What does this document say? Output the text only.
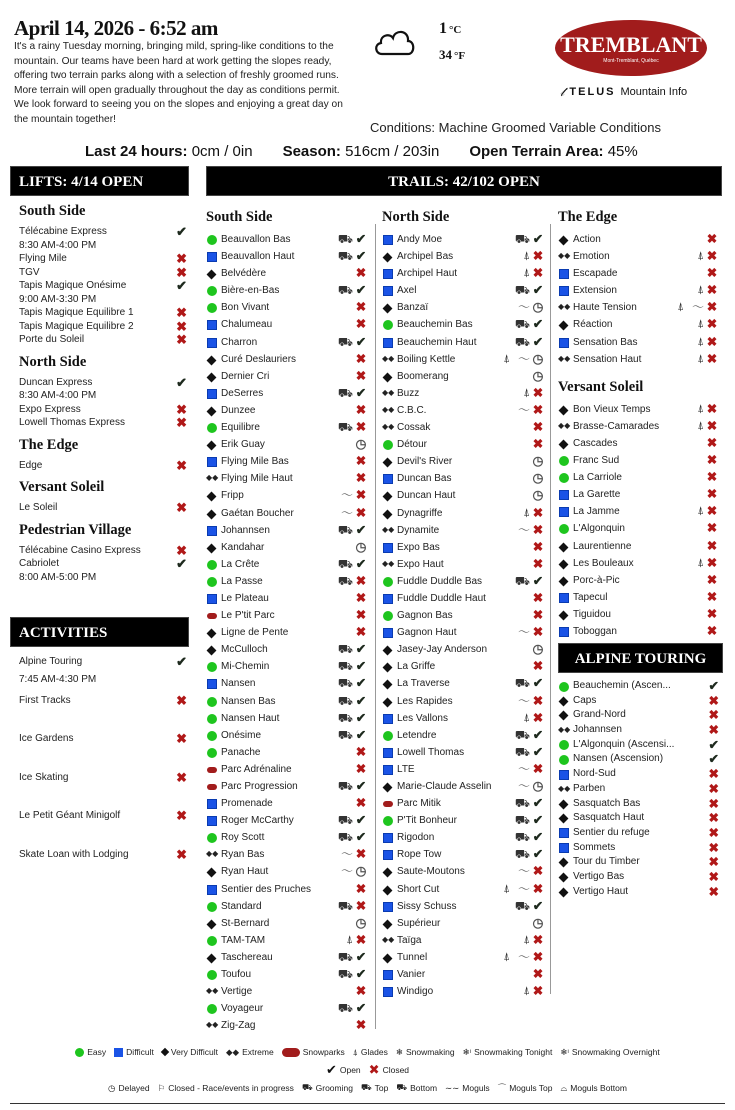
April 14, 2026 - 6:52 am
It's a rainy Tuesday morning, bringing mild, spring-like conditions to the mountain. Our teams have been hard at work getting the slopes ready, offering two terrain parks along with a selection of freshly groomed runs. More terrain will open gradually throughout the day as conditions permit. We look forward to seeing you on the slopes and enjoying a great day on the mountain together!
1 °C
34 °F	TREMBLANT
Mont-Tremblant, Québec
𝓉 TELUS Mountain Info
Conditions: Machine Groomed Variable Conditions
Last 24 hours: 0cm / 0in Season: 516cm / 203in Open Terrain Area: 45%
LIFTS: 4/14 OPEN
South Side
Télécabine Express
8:30 AM-4:00 PM
✔
Flying Mile	✖
TGV	✖
Tapis Magique Onésime
9:00 AM-3:30 PM
✔
Tapis Magique Equilibre 1	✖
Tapis Magique Equilibre 2	✖
Porte du Soleil	✖
North Side
Duncan Express
8:30 AM-4:00 PM
✔
Expo Express	✖
Lowell Thomas Express	✖
The Edge
Edge	✖
Versant Soleil
Le Soleil	✖
Pedestrian Village
Télécabine Casino Express	✖
Cabriolet
8:00 AM-5:00 PM
✔
ACTIVITIES
Alpine Touring
7:45 AM-4:30 PM
✔
First Tracks	✖
Ice Gardens	✖
Ice Skating	✖
Le Petit Géant Minigolf	✖
Skate Loan with Lodging	✖
TRAILS: 42/102 OPEN
South Side
Beauvallon Bas	⛟ ✔
Beauvallon Haut	⛟ ✔
Belvédère	✖
Bière-en-Bas	⛟ ✔
Bon Vivant	✖
Chalumeau	✖
Charron	⛟ ✔
Curé Deslauriers	✖
Dernier Cri	✖
DeSerres	⛟ ✔
Dunzee	✖
Equilibre	⛟ ✖
Erik Guay	◷
Flying Mile Bas	✖
◆◆ Flying Mile Haut	✖
Fripp	〜 ✖
Gaétan Boucher	〜 ✖
Johannsen	⛟ ✔
Kandahar	◷
La Crête	⛟ ✔
La Passe	⛟ ✖
Le Plateau	✖
Le P'tit Parc	✖
Ligne de Pente	✖
McCulloch	⛟ ✔
Mi-Chemin	⛟ ✔
Nansen	⛟ ✔
Nansen Bas	⛟ ✔
Nansen Haut	⛟ ✔
Onésime	⛟ ✔
Panache	✖
Parc Adrénaline	✖
Parc Progression	⛟ ✔
Promenade	✖
Roger McCarthy	⛟ ✔
Roy Scott	⛟ ✔
◆◆ Ryan Bas	〜 ✖
Ryan Haut	〜 ◷
Sentier des Pruches	✖
Standard	⛟ ✖
St-Bernard	◷
TAM-TAM	⍋ ✖
Taschereau	⛟ ✔
Toufou	⛟ ✔
◆◆ Vertige	✖
Voyageur	⛟ ✔
◆◆ Zig-Zag	✖
North Side
Andy Moe	⛟ ✔
Archipel Bas	⍋ ✖
Archipel Haut	⍋ ✖
Axel	⛟ ✔
Banzaï	〜 ◷
Beauchemin Bas	⛟ ✔
Beauchemin Haut	⛟ ✔
◆◆ Boiling Kettle	⍋ 〜 ◷
Boomerang	◷
◆◆ Buzz	⍋ ✖
◆◆ C.B.C.	〜 ✖
◆◆ Cossak	✖
Détour	✖
Devil's River	◷
Duncan Bas	◷
Duncan Haut	◷
Dynagriffe	⍋ ✖
◆◆ Dynamite	〜 ✖
Expo Bas	✖
◆◆ Expo Haut	✖
Fuddle Duddle Bas	⛟ ✔
Fuddle Duddle Haut	✖
Gagnon Bas	✖
Gagnon Haut	〜 ✖
Jasey-Jay Anderson	◷
La Griffe	✖
La Traverse	⛟ ✔
Les Rapides	〜 ✖
Les Vallons	⍋ ✖
Letendre	⛟ ✔
Lowell Thomas	⛟ ✔
LTE	〜 ✖
Marie-Claude Asselin 〜 ◷
Parc Mitik	⛟ ✔
P'Tit Bonheur	⛟ ✔
Rigodon	⛟ ✔
Rope Tow	⛟ ✔
Saute-Moutons	〜 ✖
Short Cut	⍋ 〜 ✖
Sissy Schuss	⛟ ✔
Supérieur	◷
◆◆ Taïga	⍋ ✖
Tunnel	⍋ 〜 ✖
Vanier	✖
Windigo	⍋ ✖
The Edge
Action	✖
◆◆ Emotion	⍋ ✖
Escapade	✖
Extension	⍋ ✖
◆◆ Haute Tension	⍋ 〜 ✖
Réaction	⍋ ✖
Sensation Bas	⍋ ✖
◆◆ Sensation Haut	⍋ ✖
Versant Soleil
Bon Vieux Temps	⍋ ✖
◆◆ Brasse-Camarades	⍋ ✖
Cascades	✖
Franc Sud	✖
La Carriole	✖
La Garette	✖
La Jamme	⍋ ✖
L'Algonquin	✖
Laurentienne	✖
Les Bouleaux	⍋ ✖
Porc-à-Pic	✖
Tapecul	✖
Tiguidou	✖
Toboggan	✖
ALPINE TOURING
Beauchemin (Ascen...	✔
Caps	✖
Grand-Nord	✖
◆◆ Johannsen	✖
L'Algonquin (Ascensi...	✔
Nansen (Ascension)	✔
Nord-Sud	✖
◆◆ Parben	✖
Sasquatch Bas	✖
Sasquatch Haut	✖
Sentier du refuge	✖
Sommets	✖
Tour du Timber	✖
Vertigo Bas	✖
Vertigo Haut	✖
Easy Difficult Very Difficult ◆◆ Extreme	Snowparks ⍋ Glades ❄ Snowmaking ❄ᶦ Snowmaking Tonight ❄ᶦ Snowmaking Overnight
✔ Open ✖ Closed
◷ Delayed ⚐ Closed - Race/events in progress ⛟ Grooming ⛟ Top ⛟ Bottom ∼∼ Moguls ⌒ Moguls Top ⌓ Moguls Bottom
